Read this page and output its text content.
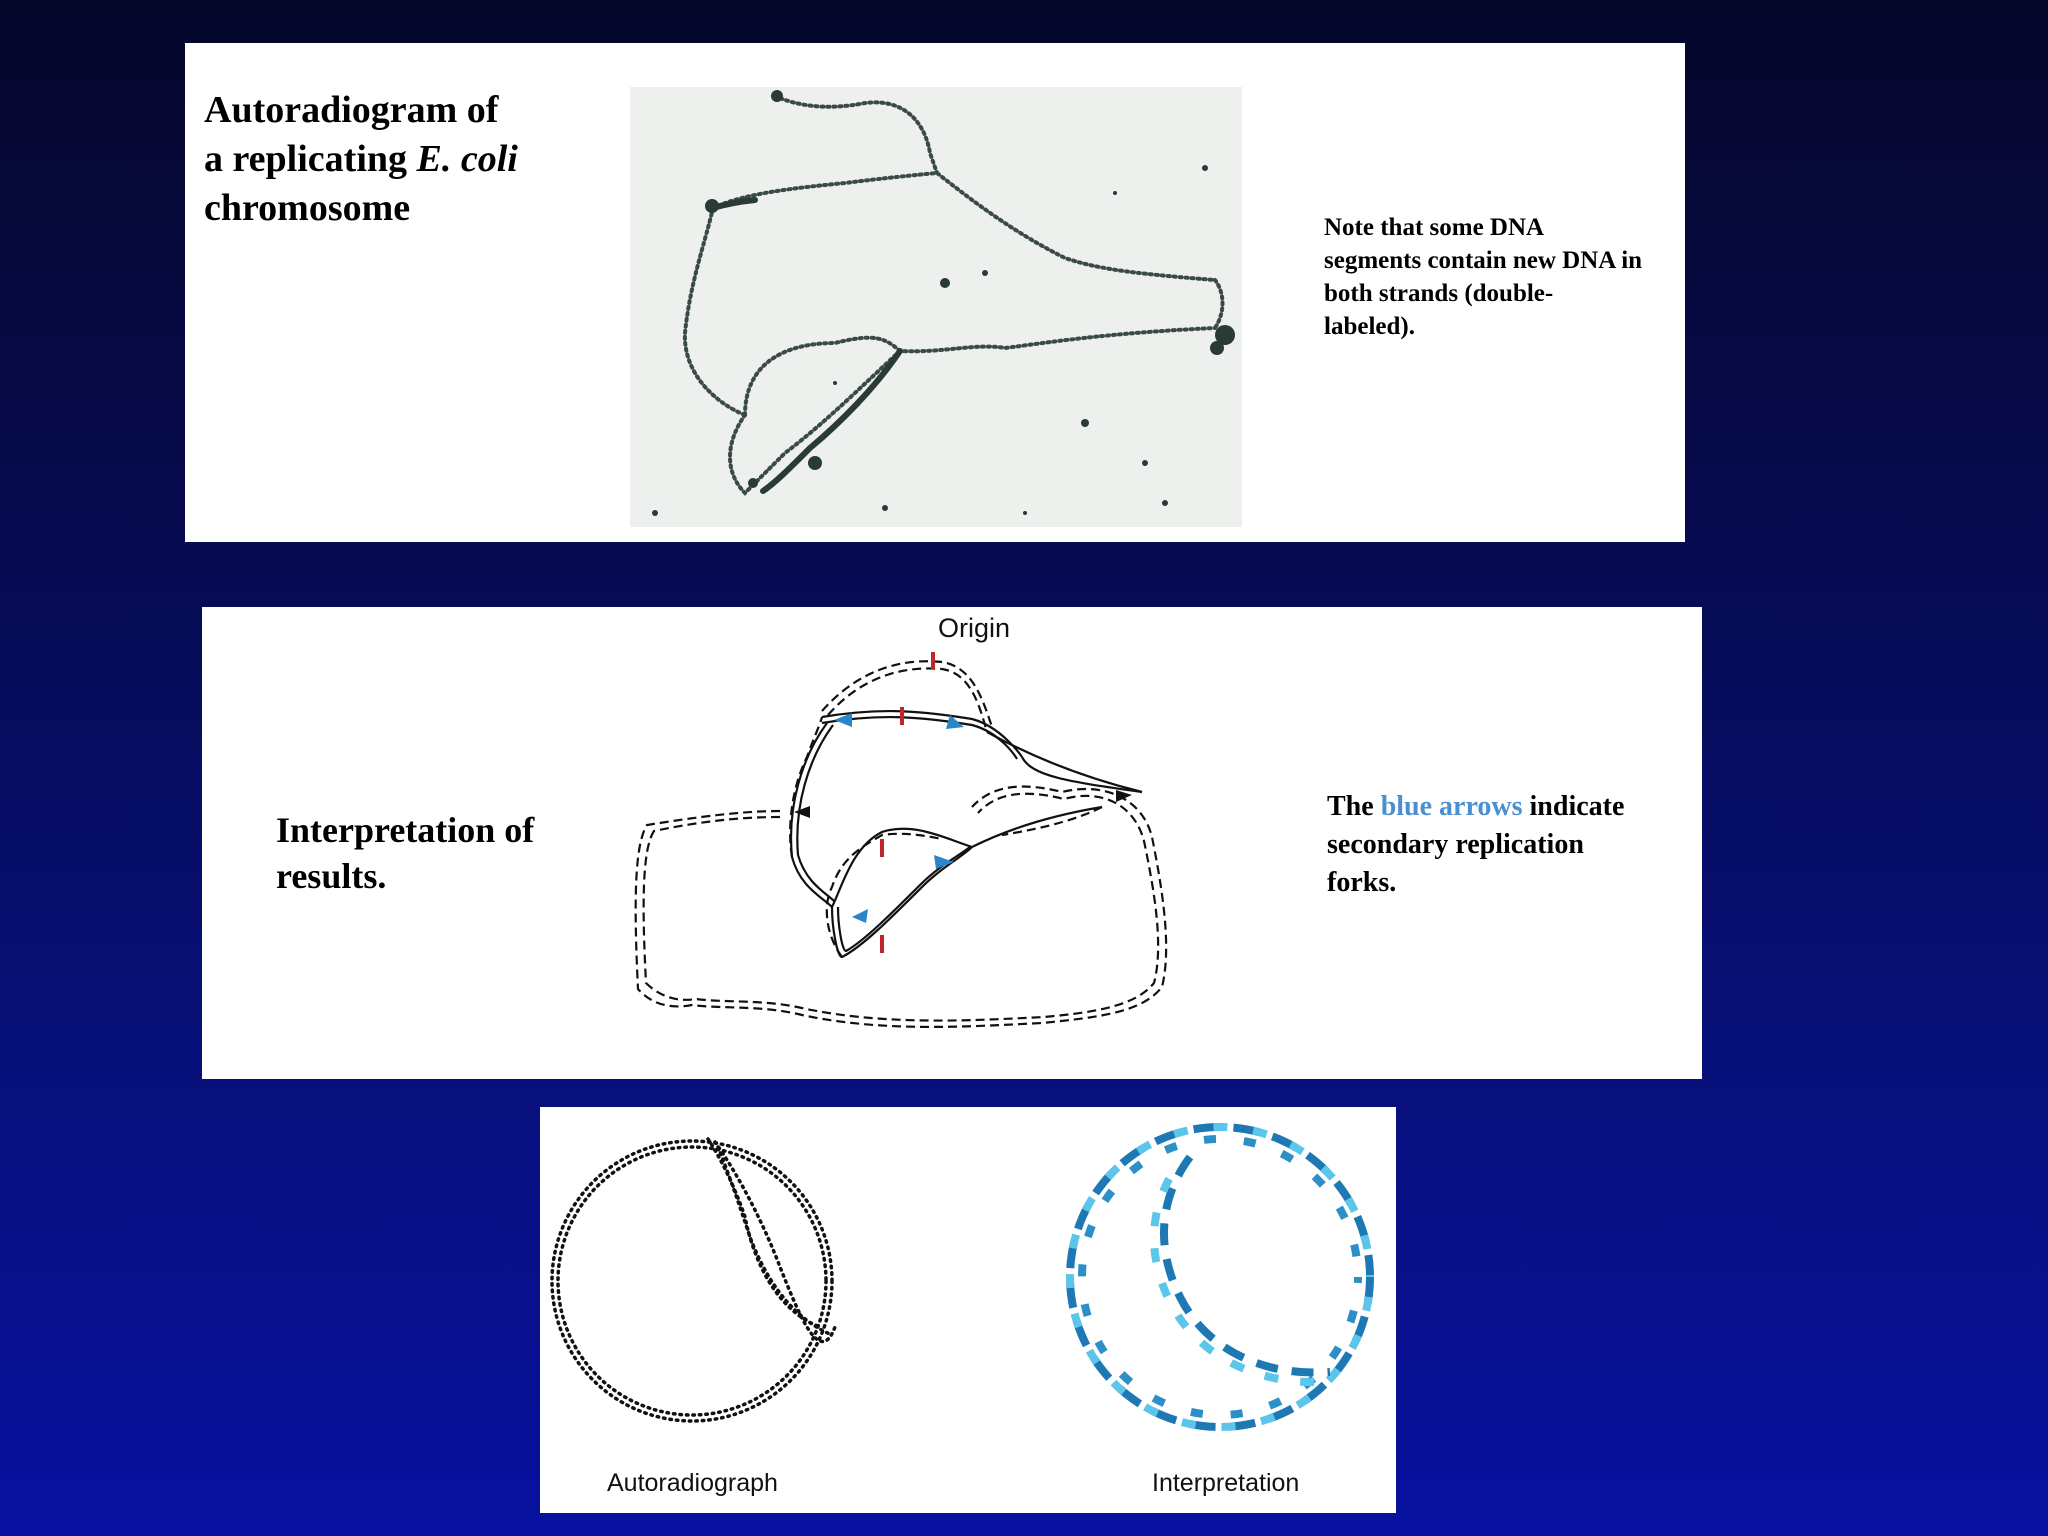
Autoradiogram of
a replicating E. coli
chromosome	Note that some DNA segments contain new DNA in both strands (double-labeled).
Origin
Interpretation of results.
The blue arrows indicate secondary replication forks.
Autoradiograph	Interpretation
